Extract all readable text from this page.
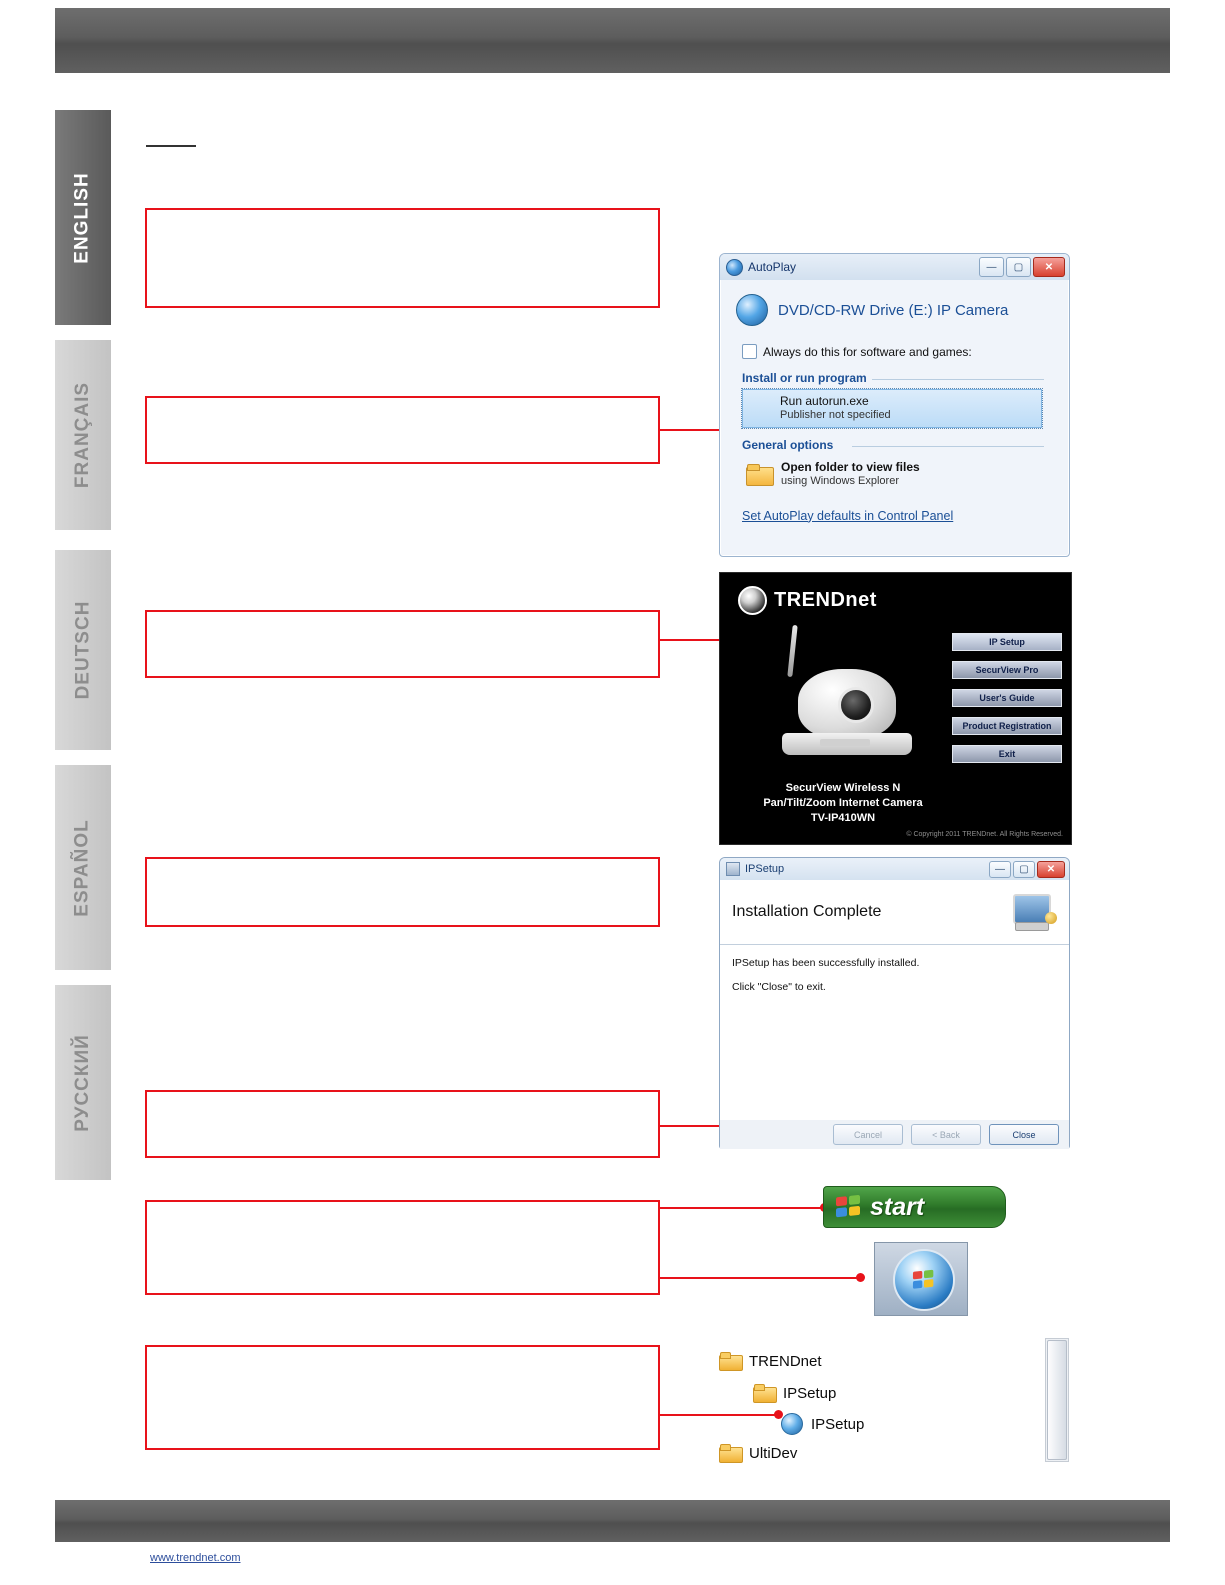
www.trendnet.com
ENGLISH
FRANÇAIS
DEUTSCH
ESPAÑOL
РУССКИЙ
AutoPlay	—	▢	✕
DVD/CD-RW Drive (E:) IP Camera
Always do this for software and games:
Install or run program
Run autorun.exe
Publisher not specified
General options
Open folder to view files
using Windows Explorer
Set AutoPlay defaults in Control Panel
TRENDnet
IP Setup
SecurView Pro
User's Guide
Product Registration
Exit
SecurView Wireless N
Pan/Tilt/Zoom Internet Camera
TV-IP410WN
© Copyright 2011 TRENDnet. All Rights Reserved.
IPSetup	—	▢	✕
Installation Complete

IPSetup has been successfully installed.

Click "Close" to exit.

Cancel	< Back	Close
start
TRENDnet
IPSetup
IPSetup
UltiDev
